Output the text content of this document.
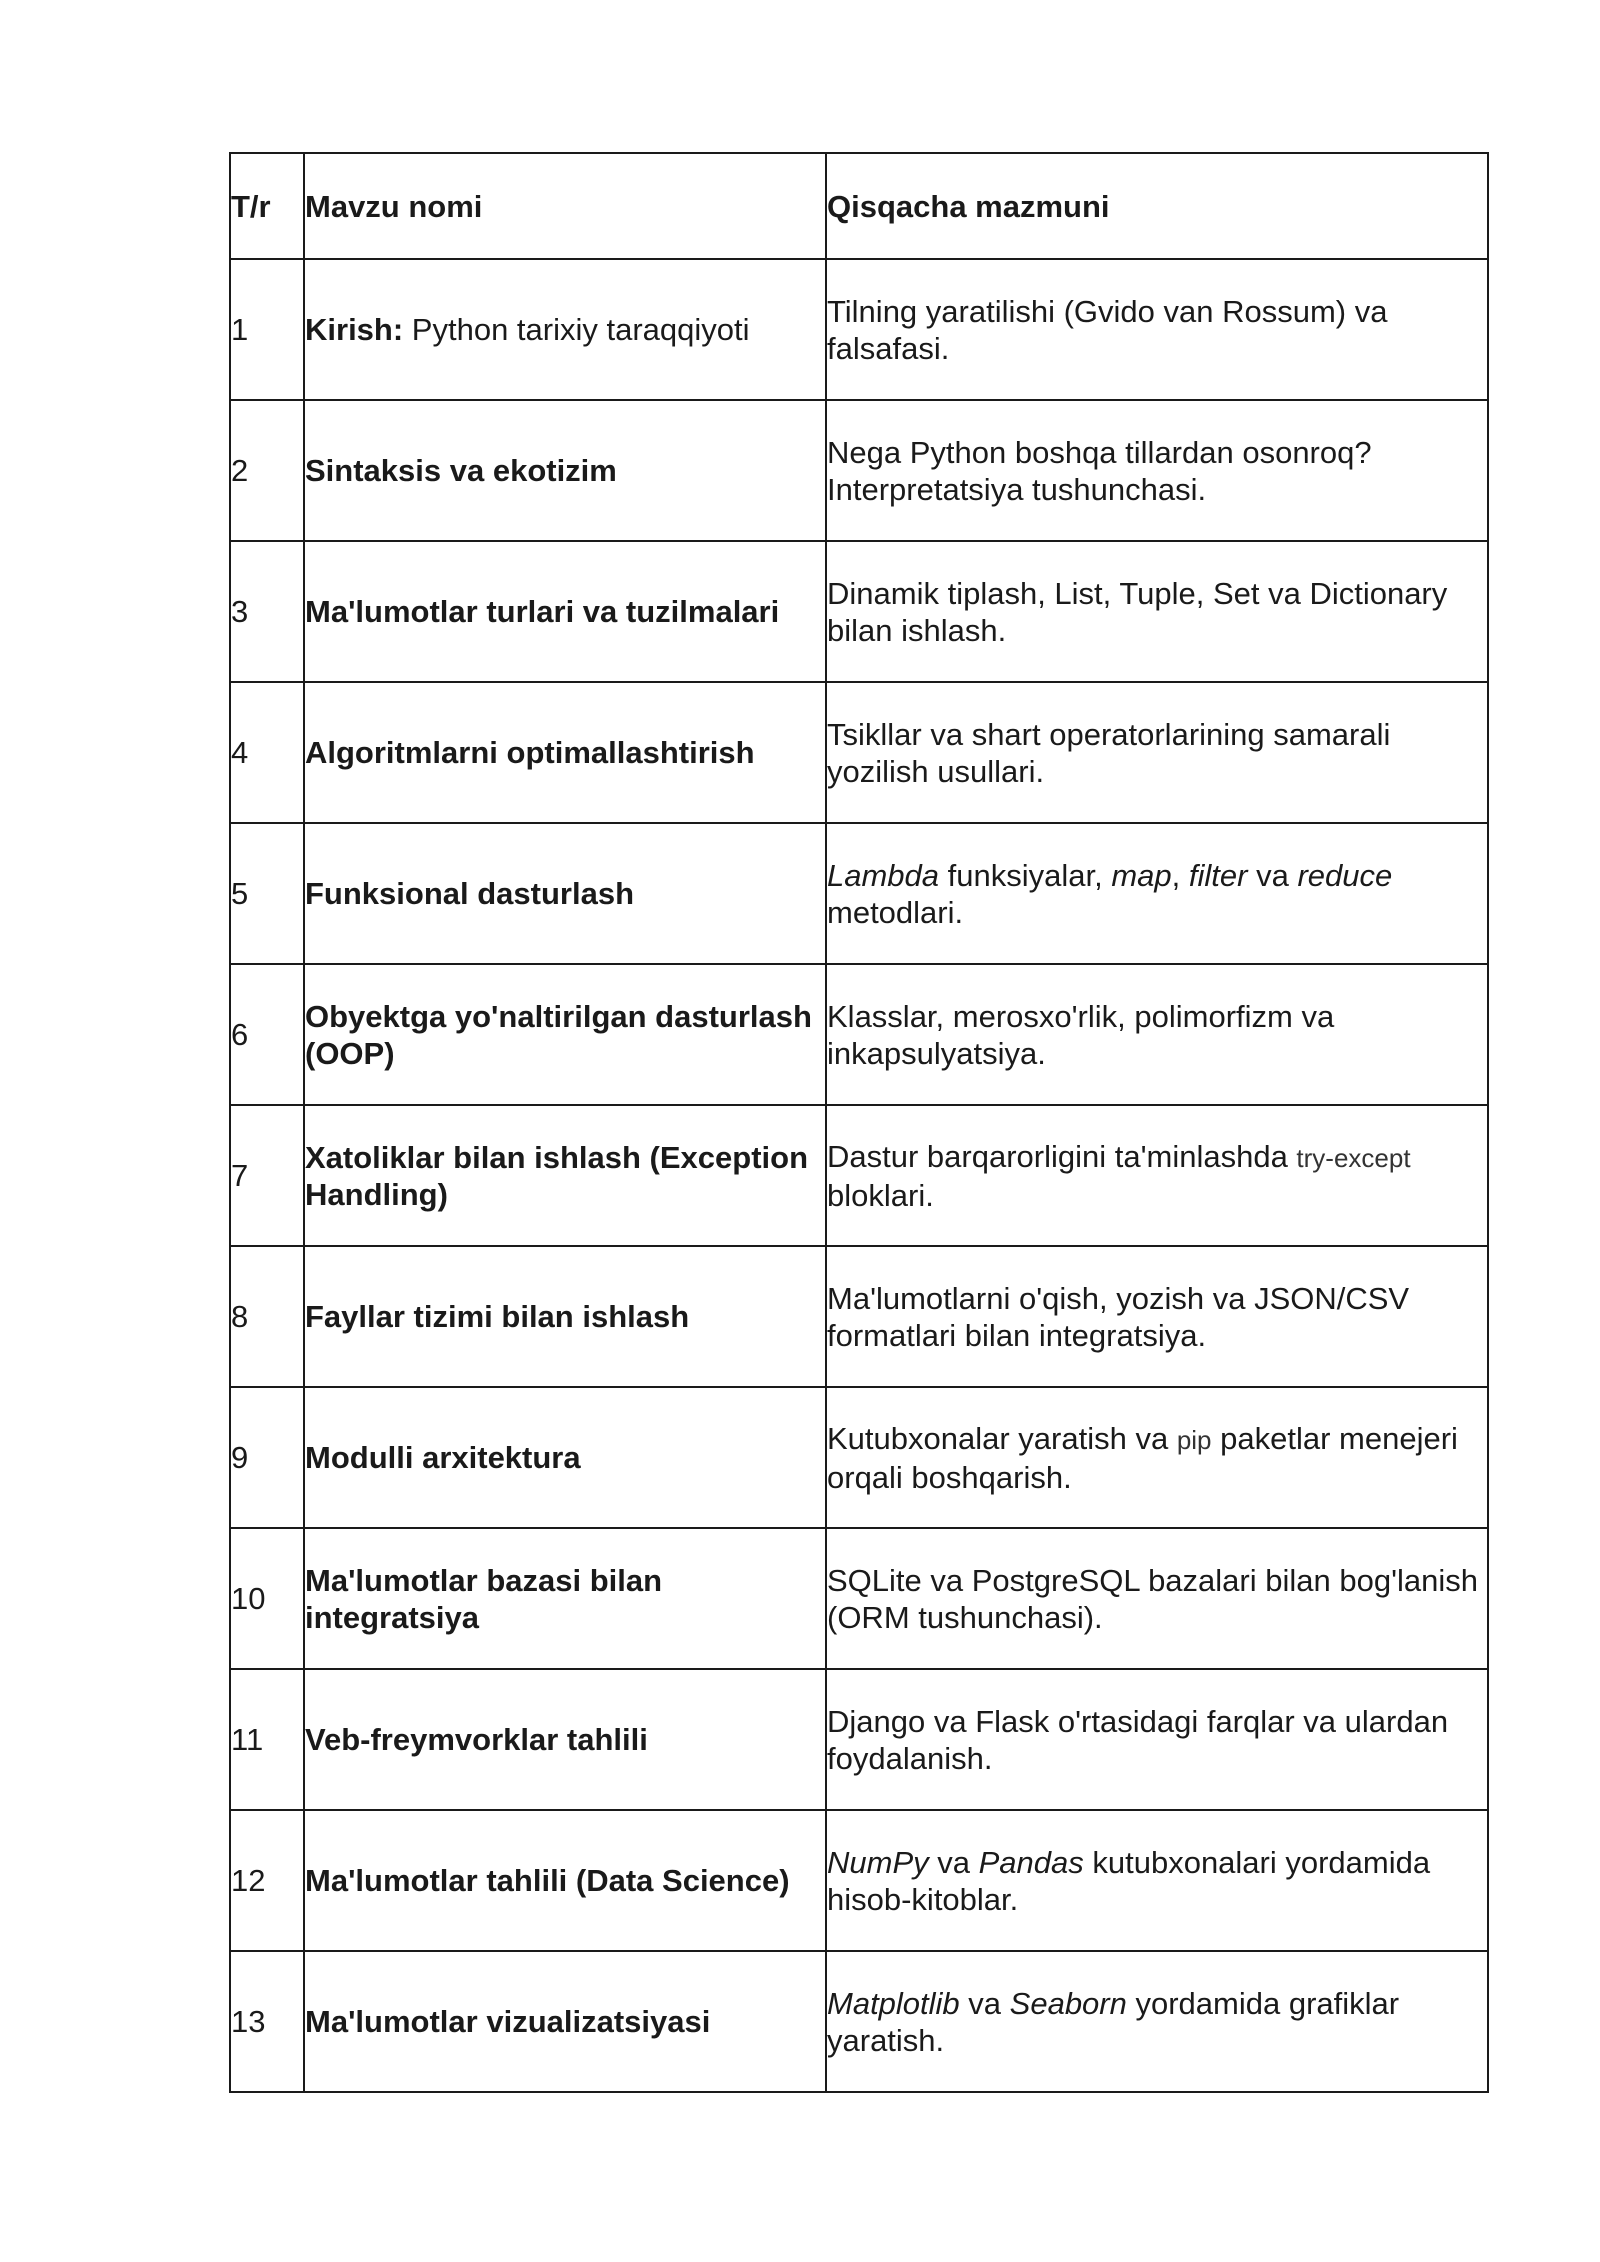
T/r	Mavzu nomi	Qisqacha mazmuni
1	Kirish: Python tarixiy taraqqiyoti	Tilning yaratilishi (Gvido van Rossum) va falsafasi.
2	Sintaksis va ekotizim	Nega Python boshqa tillardan osonroq? Interpretatsiya tushunchasi.
3	Ma'lumotlar turlari va tuzilmalari	Dinamik tiplash, List, Tuple, Set va Dictionary bilan ishlash.
4	Algoritmlarni optimallashtirish	Tsikllar va shart operatorlarining samarali yozilish usullari.
5	Funksional dasturlash	Lambda funksiyalar, map, filter va reduce metodlari.
6	Obyektga yo'naltirilgan dasturlash (OOP)	Klasslar, merosxo'rlik, polimorfizm va inkapsulyatsiya.
7	Xatoliklar bilan ishlash (Exception Handling)	Dastur barqarorligini ta'minlashda try-except bloklari.
8	Fayllar tizimi bilan ishlash	Ma'lumotlarni o'qish, yozish va JSON/CSV formatlari bilan integratsiya.
9	Modulli arxitektura	Kutubxonalar yaratish va pip paketlar menejeri orqali boshqarish.
10	Ma'lumotlar bazasi bilan integratsiya	SQLite va PostgreSQL bazalari bilan bog'lanish (ORM tushunchasi).
11	Veb-freymvorklar tahlili	Django va Flask o'rtasidagi farqlar va ulardan foydalanish.
12	Ma'lumotlar tahlili (Data Science)	NumPy va Pandas kutubxonalari yordamida hisob-kitoblar.
13	Ma'lumotlar vizualizatsiyasi	Matplotlib va Seaborn yordamida grafiklar yaratish.
